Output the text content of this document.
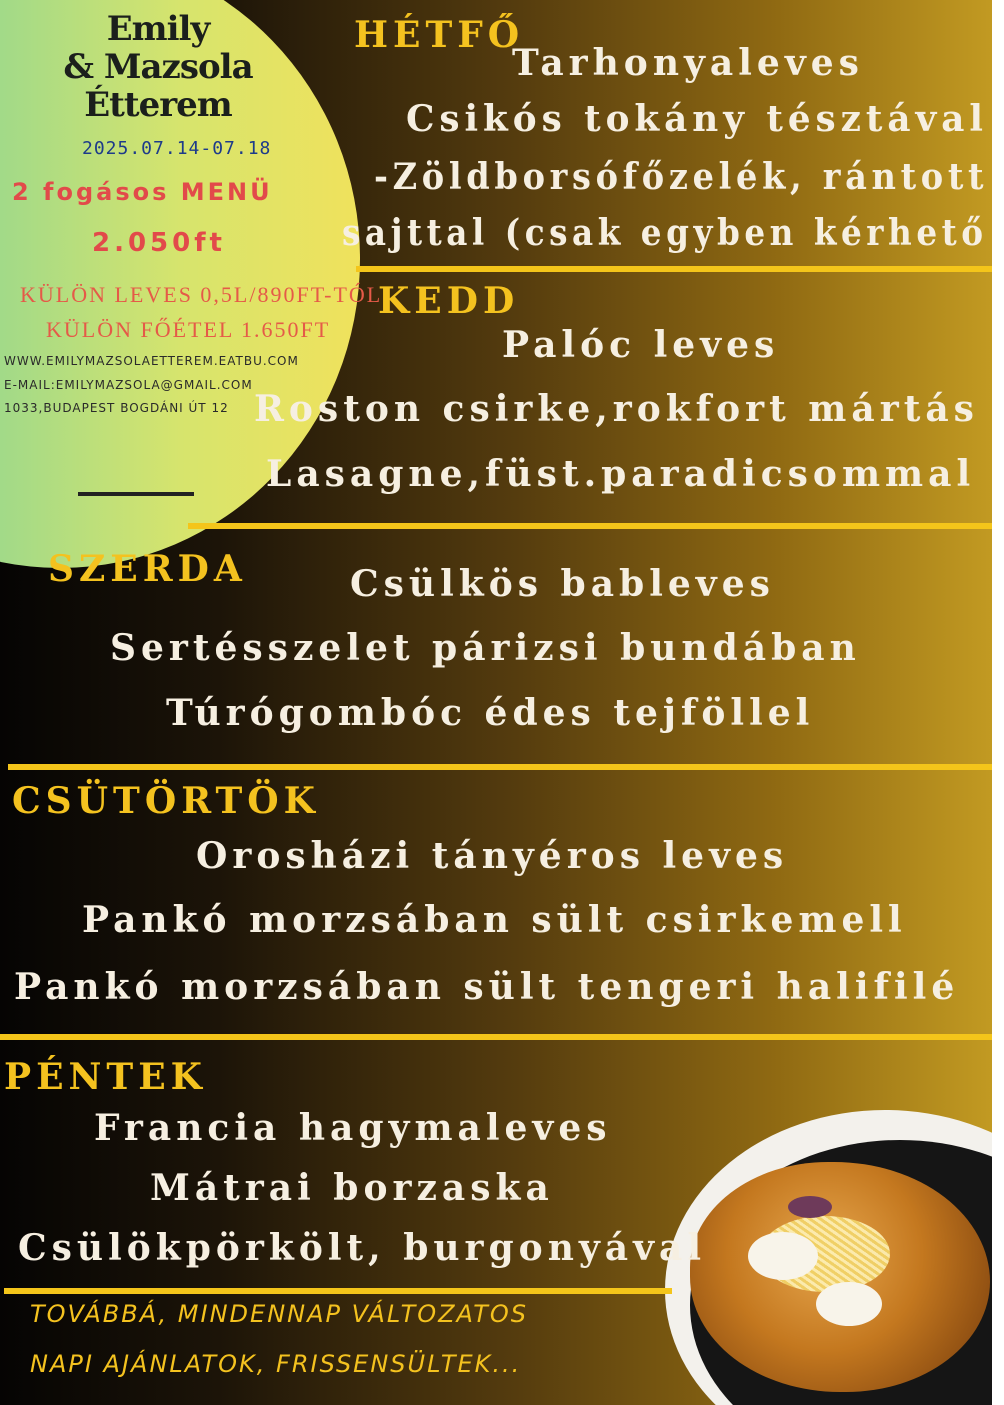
Emily
& Mazsola
Étterem
2025.07.14-07.18
2 fogásos MENÜ
2.050ft
KÜLÖN LEVES 0,5L/890FT-TÓL
KÜLÖN FŐÉTEL 1.650FT
WWW.EMILYMAZSOLAETTEREM.EATBU.COM
E-MAIL:EMILYMAZSOLA@GMAIL.COM
1033,BUDAPEST BOGDÁNI ÚT 12
HÉTFŐ
Tarhonyaleves
Csikós tokány tésztával
-Zöldborsófőzelék, rántott
sajttal (csak egyben kérhető
KEDD
Palóc leves
Roston csirke,rokfort mártás
Lasagne,füst.paradicsommal
SZERDA	Csülkös bableves
Sertésszelet párizsi bundában
Túrógombóc édes tejföllel
CSÜTÖRTÖK
Orosházi tányéros leves
Pankó morzsában sült csirkemell
Pankó morzsában sült tengeri halifilé
PÉNTEK
Francia hagymaleves
Mátrai borzaska
Csülökpörkölt, burgonyával
TOVÁBBÁ, MINDENNAP VÁLTOZATOS
NAPI AJÁNLATOK, FRISSENSÜLTEK...
